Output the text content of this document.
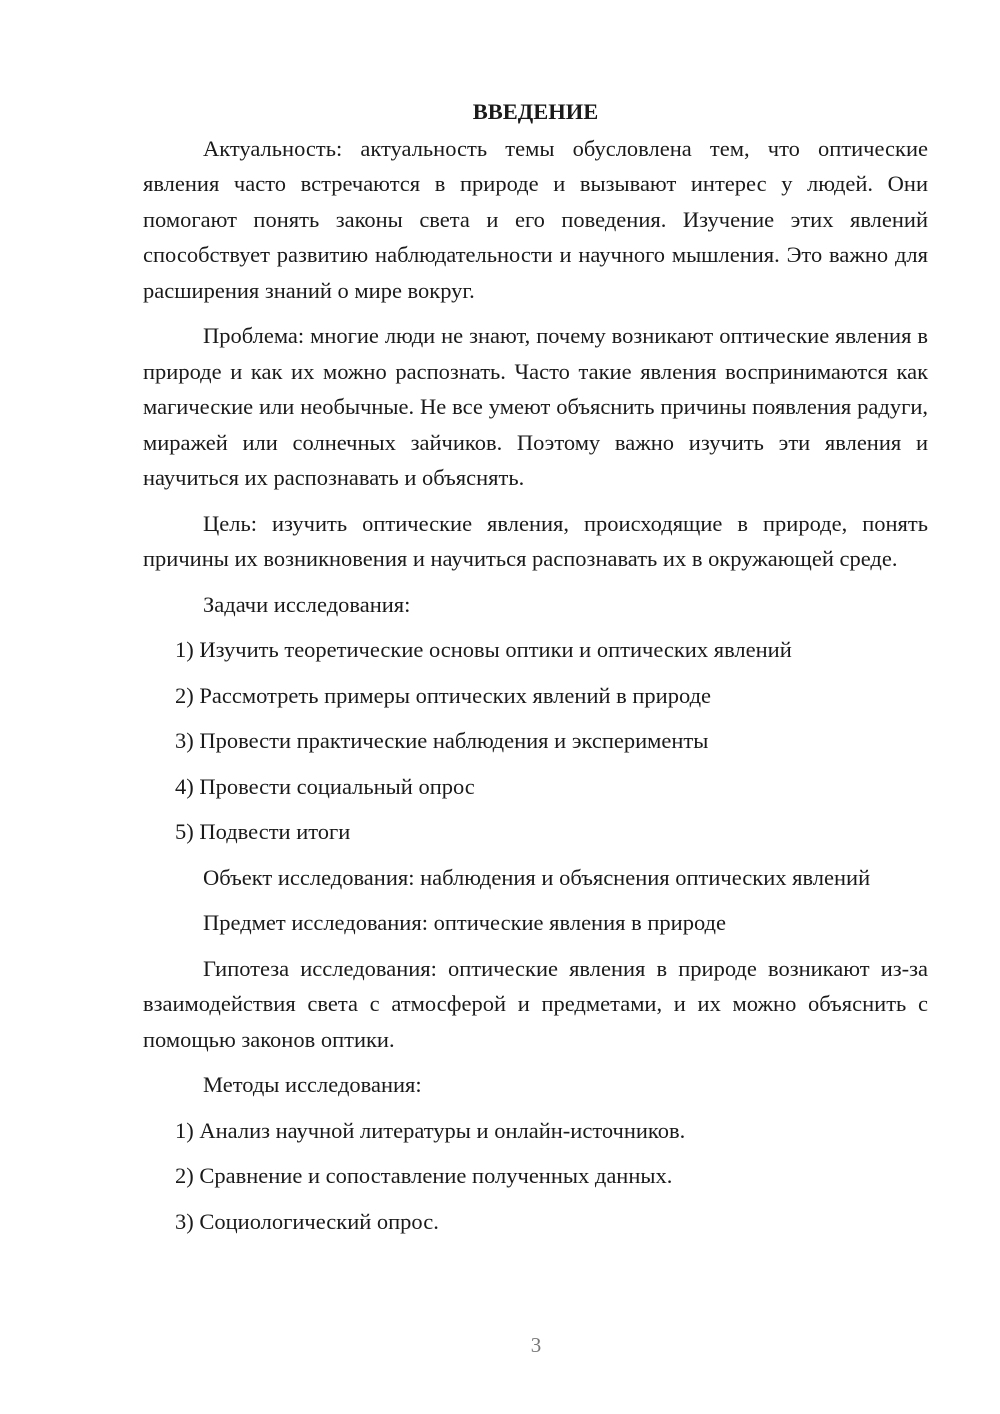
ВВЕДЕНИЕ

Актуальность: актуальность темы обусловлена тем, что оптические явления часто встречаются в природе и вызывают интерес у людей. Они помогают понять законы света и его поведения. Изучение этих явлений способствует развитию наблюдательности и научного мышления. Это важно для расширения знаний о мире вокруг.

Проблема: многие люди не знают, почему возникают оптические явления в природе и как их можно распознать. Часто такие явления воспринимаются как магические или необычные. Не все умеют объяснить причины появления радуги, миражей или солнечных зайчиков. Поэтому важно изучить эти явления и научиться их распознавать и объяснять.

Цель: изучить оптические явления, происходящие в природе, понять причины их возникновения и научиться распознавать их в окружающей среде.

Задачи исследования:

1) Изучить теоретические основы оптики и оптических явлений

2) Рассмотреть примеры оптических явлений в природе

3) Провести практические наблюдения и эксперименты

4) Провести социальный опрос

5) Подвести итоги

Объект исследования: наблюдения и объяснения оптических явлений

Предмет исследования: оптические явления в природе

Гипотеза исследования: оптические явления в природе возникают из-за взаимодействия света с атмосферой и предметами, и их можно объяснить с помощью законов оптики.

Методы исследования:

1) Анализ научной литературы и онлайн-источников.

2) Сравнение и сопоставление полученных данных.

3) Социологический опрос.

3
